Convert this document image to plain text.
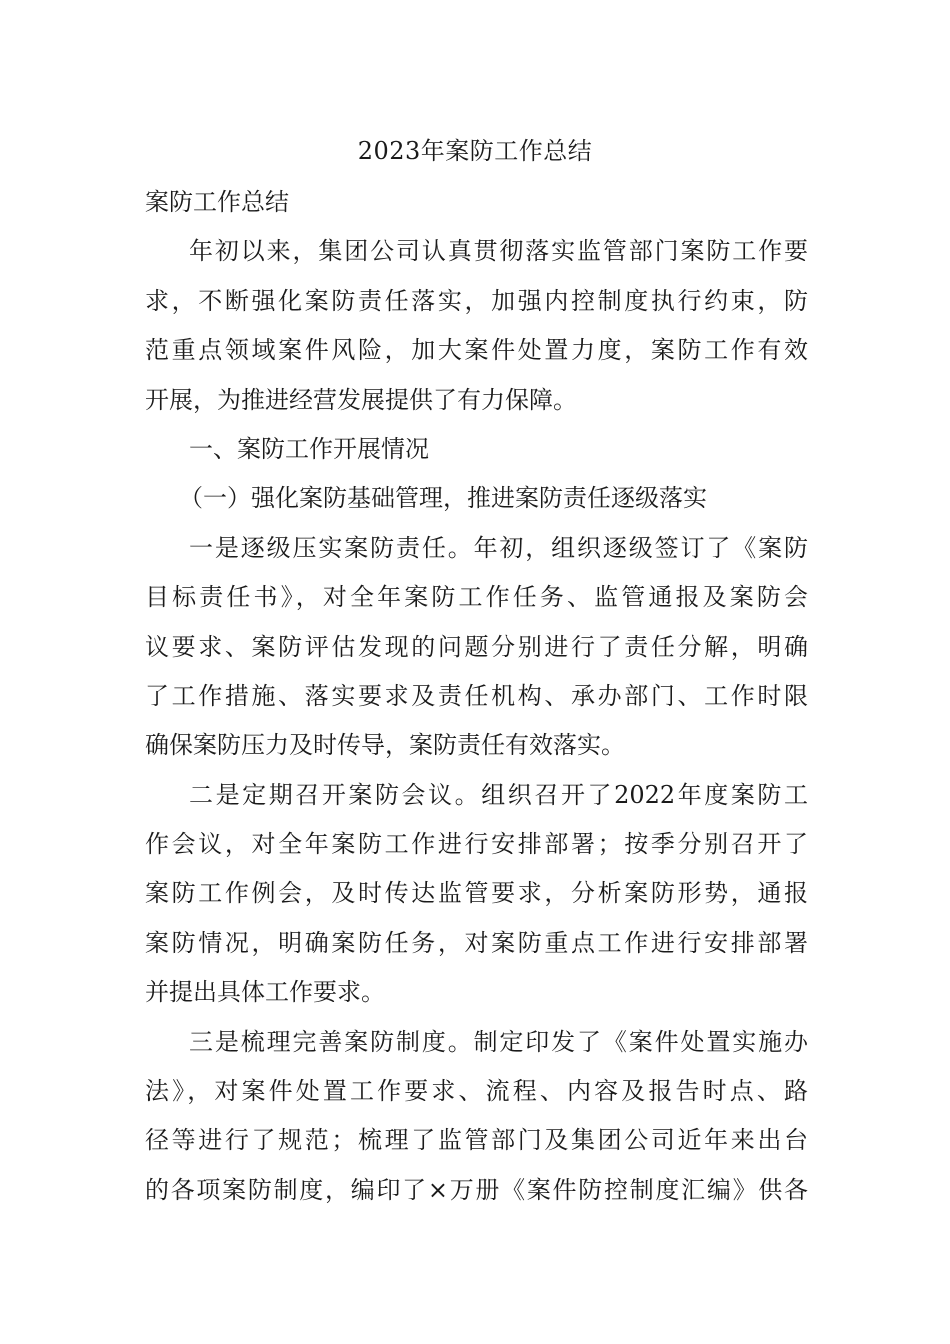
2023年案防工作总结
案防工作总结
年初以来，集团公司认真贯彻落实监管部门案防工作要
求，不断强化案防责任落实，加强内控制度执行约束，防
范重点领域案件风险，加大案件处置力度，案防工作有效
开展，为推进经营发展提供了有力保障。
一、案防工作开展情况
（一）强化案防基础管理，推进案防责任逐级落实
一是逐级压实案防责任。年初，组织逐级签订了《案防
目标责任书》，对全年案防工作任务、监管通报及案防会
议要求、案防评估发现的问题分别进行了责任分解，明确
了工作措施、落实要求及责任机构、承办部门、工作时限
确保案防压力及时传导，案防责任有效落实。
二是定期召开案防会议。组织召开了2022年度案防工
作会议，对全年案防工作进行安排部署；按季分别召开了
案防工作例会，及时传达监管要求，分析案防形势，通报
案防情况，明确案防任务，对案防重点工作进行安排部署
并提出具体工作要求。
三是梳理完善案防制度。制定印发了《案件处置实施办
法》，对案件处置工作要求、流程、内容及报告时点、路
径等进行了规范；梳理了监管部门及集团公司近年来出台
的各项案防制度，编印了×万册《案件防控制度汇编》供各
